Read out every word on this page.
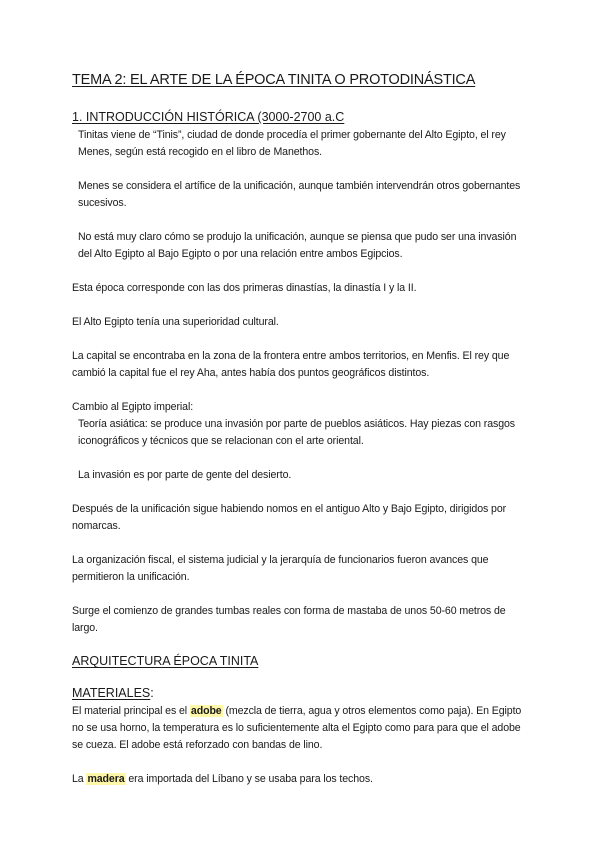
TEMA 2: EL ARTE DE LA ÉPOCA TINITA O PROTODINÁSTICA
1. INTRODUCCIÓN HISTÓRICA (3000-2700 a.C

Tinitas viene de “Tinis”, ciudad de donde procedía el primer gobernante del Alto Egipto, el rey Menes, según está recogido en el libro de Manethos.

Menes se considera el artífice de la unificación, aunque también intervendrán otros gobernantes sucesivos.

No está muy claro cómo se produjo la unificación, aunque se piensa que pudo ser una invasión del Alto Egipto al Bajo Egipto o por una relación entre ambos Egipcios.

Esta época corresponde con las dos primeras dinastías, la dinastía I y la II.

El Alto Egipto tenía una superioridad cultural.

La capital se encontraba en la zona de la frontera entre ambos territorios, en Menfis. El rey que cambió la capital fue el rey Aha, antes había dos puntos geográficos distintos.

Cambio al Egipto imperial:

Teoría asiática: se produce una invasión por parte de pueblos asiáticos. Hay piezas con rasgos iconográficos y técnicos que se relacionan con el arte oriental.

La invasión es por parte de gente del desierto.

Después de la unificación sigue habiendo nomos en el antiguo Alto y Bajo Egipto, dirigidos por nomarcas.

La organización fiscal, el sistema judicial y la jerarquía de funcionarios fueron avances que permitieron la unificación.

Surge el comienzo de grandes tumbas reales con forma de mastaba de unos 50-60 metros de largo.

ARQUITECTURA ÉPOCA TINITA
MATERIALES:

El material principal es el adobe (mezcla de tierra, agua y otros elementos como paja). En Egipto no se usa horno, la temperatura es lo suficientemente alta el Egipto como para para que el adobe se cueza. El adobe está reforzado con bandas de lino.

La madera era importada del Líbano y se usaba para los techos.
